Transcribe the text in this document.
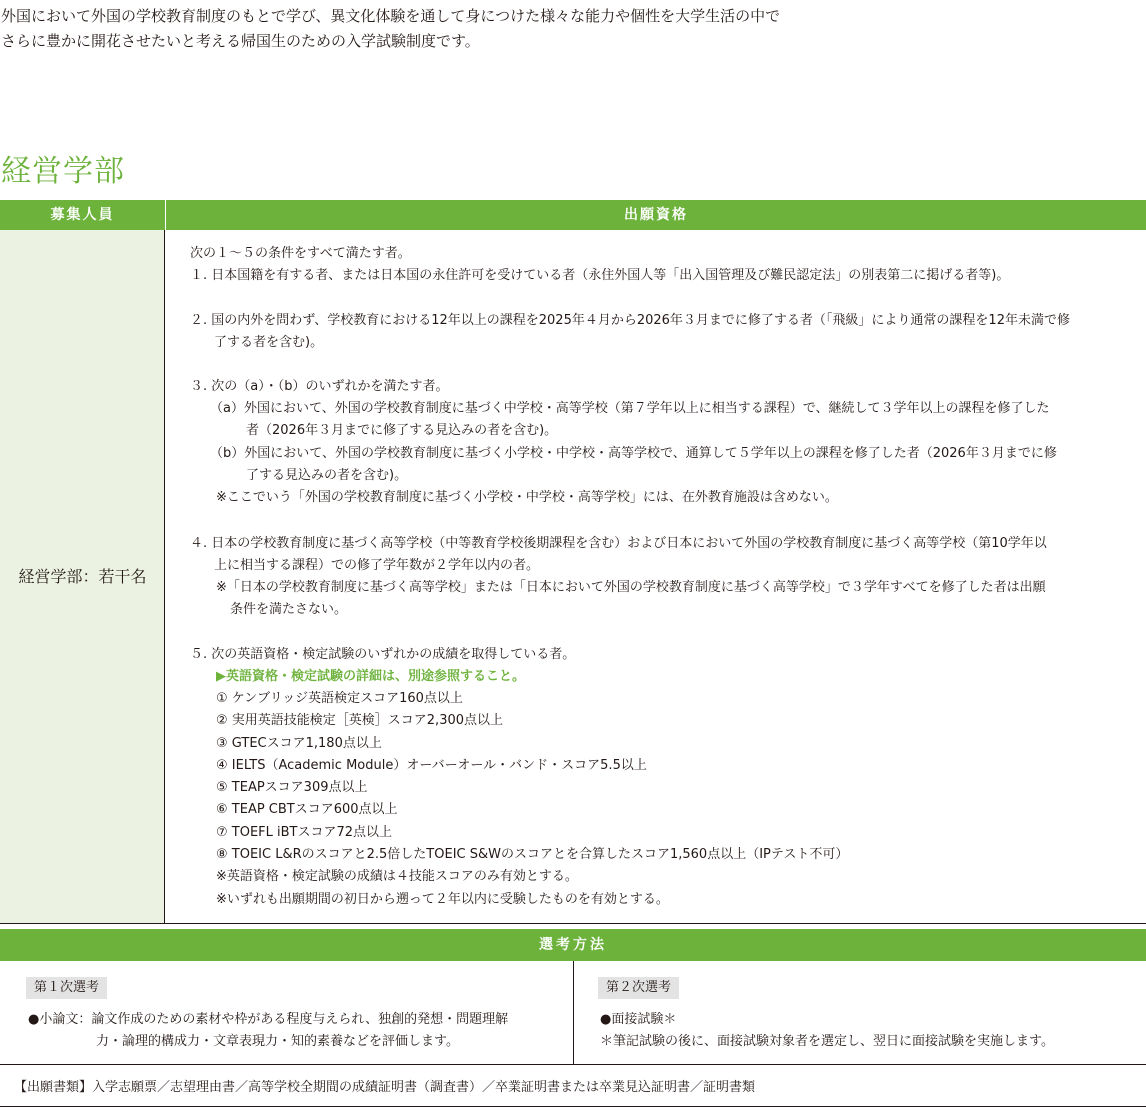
外国において外国の学校教育制度のもとで学び、異文化体験を通して身につけた様々な能力や個性を大学生活の中で
さらに豊かに開花させたいと考える帰国生のための入学試験制度です。
経営学部
募集人員	出願資格
経営学部：若干名
次の１～５の条件をすべて満たす者。
１. 日本国籍を有する者、または日本国の永住許可を受けている者（永住外国人等「出入国管理及び難民認定法」の別表第二に掲げる者等)。
２. 国の内外を問わず、学校教育における12年以上の課程を2025年４月から2026年３月までに修了する者（「飛級」により通常の課程を12年未満で修
了する者を含む)。
３. 次の（a）・（b）のいずれかを満たす者。
（a）外国において、外国の学校教育制度に基づく中学校・高等学校（第７学年以上に相当する課程）で、継続して３学年以上の課程を修了した
者（2026年３月までに修了する見込みの者を含む)。
（b）外国において、外国の学校教育制度に基づく小学校・中学校・高等学校で、通算して５学年以上の課程を修了した者（2026年３月までに修
了する見込みの者を含む)。
※ここでいう「外国の学校教育制度に基づく小学校・中学校・高等学校」には、在外教育施設は含めない。
４. 日本の学校教育制度に基づく高等学校（中等教育学校後期課程を含む）および日本において外国の学校教育制度に基づく高等学校（第10学年以
上に相当する課程）での修了学年数が２学年以内の者。
※「日本の学校教育制度に基づく高等学校」または「日本において外国の学校教育制度に基づく高等学校」で３学年すべてを修了した者は出願
条件を満たさない。
５. 次の英語資格・検定試験のいずれかの成績を取得している者。
▶英語資格・検定試験の詳細は、別途参照すること。
① ケンブリッジ英語検定スコア160点以上
② 実用英語技能検定［英検］スコア2,300点以上
③ GTECスコア1,180点以上
④ IELTS（Academic Module）オーバーオール・バンド・スコア5.5以上
⑤ TEAPスコア309点以上
⑥ TEAP CBTスコア600点以上
⑦ TOEFL iBTスコア72点以上
⑧ TOEIC L&Rのスコアと2.5倍したTOEIC S&Wのスコアとを合算したスコア1,560点以上（IPテスト不可）
※英語資格・検定試験の成績は４技能スコアのみ有効とする。
※いずれも出願期間の初日から遡って２年以内に受験したものを有効とする。
選考方法
第１次選考
●小論文：論文作成のための素材や枠がある程度与えられ、独創的発想・問題理解
力・論理的構成力・文章表現力・知的素養などを評価します。
第２次選考
●面接試験＊
＊筆記試験の後に、面接試験対象者を選定し、翌日に面接試験を実施します。
【出願書類】入学志願票／志望理由書／高等学校全期間の成績証明書（調査書）／卒業証明書または卒業見込証明書／証明書類
